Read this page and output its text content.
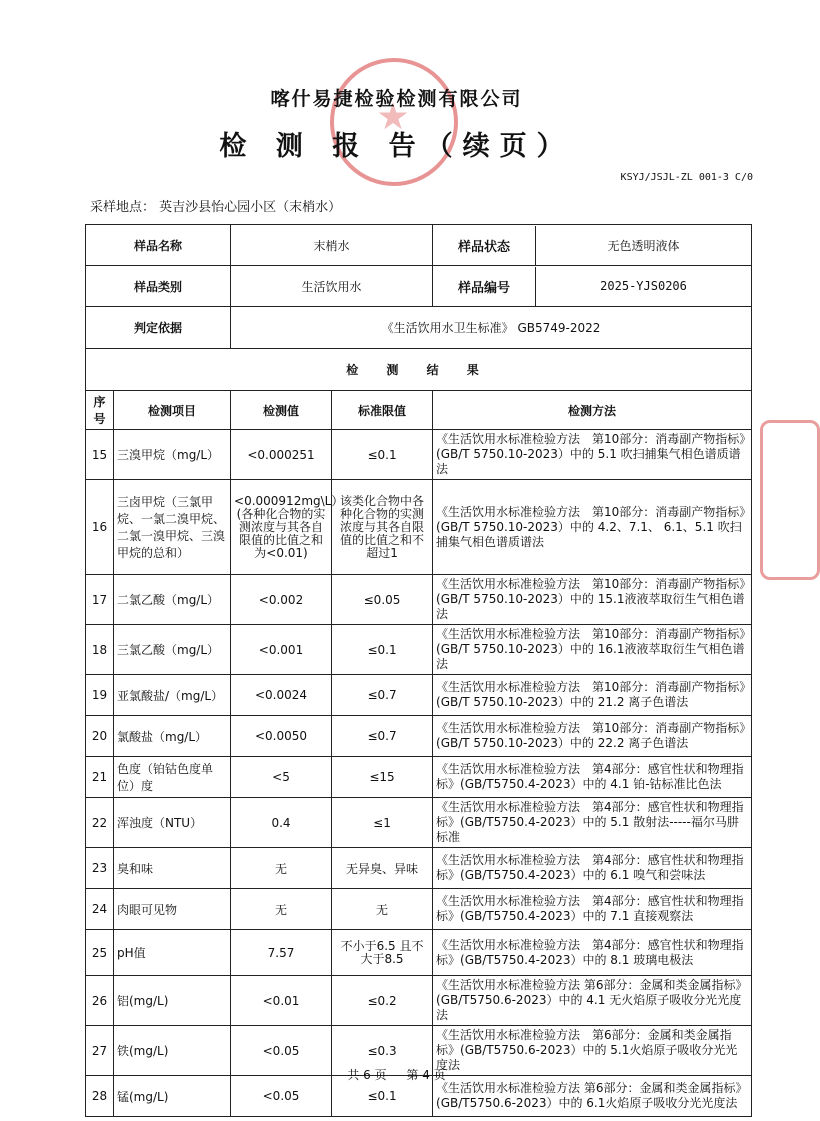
喀什易捷检验检测有限公司
检 测 报 告（续页）
KSYJ/JSJL-ZL 001-3 C/0
采样地点： 英吉沙县怡心园小区（末梢水）
样品名称		末梢水		样品状态 无色透明液体

样品类别		生活饮用水		样品编号 2025-YJS0206

判定依据		《生活饮用水卫生标准》 GB5749-2022		
检 测 结 果				
序号	检测项目	检测值	标准限值	检测方法
15	三溴甲烷（mg/L）	<0.000251	≤0.1	《生活饮用水标准检验方法　第10部分：消毒副产物指标》(GB/T 5750.10-2023）中的 5.1 吹扫捕集气相色谱质谱法
16	三卤甲烷（三氯甲烷、一氯二溴甲烷、二氯一溴甲烷、三溴甲烷的总和）	<0.000912mg\L）(各种化合物的实测浓度与其各自限值的比值之和为<0.01)	该类化合物中各种化合物的实测浓度与其各自限值的比值之和不超过1	《生活饮用水标准检验方法　第10部分：消毒副产物指标》(GB/T 5750.10-2023）中的 4.2、7.1、 6.1、5.1 吹扫捕集气相色谱质谱法
17	二氯乙酸（mg/L）	<0.002	≤0.05	《生活饮用水标准检验方法　第10部分：消毒副产物指标》(GB/T 5750.10-2023）中的 15.1液液萃取衍生气相色谱法
18	三氯乙酸（mg/L）	<0.001	≤0.1	《生活饮用水标准检验方法　第10部分：消毒副产物指标》(GB/T 5750.10-2023）中的 16.1液液萃取衍生气相色谱法
19	亚氯酸盐/（mg/L）	<0.0024	≤0.7	《生活饮用水标准检验方法　第10部分：消毒副产物指标》(GB/T 5750.10-2023）中的 21.2 离子色谱法
20	氯酸盐（mg/L）	<0.0050	≤0.7	《生活饮用水标准检验方法　第10部分：消毒副产物指标》(GB/T 5750.10-2023）中的 22.2 离子色谱法
21	色度（铂钴色度单位）度	<5	≤15	《生活饮用水标准检验方法　第4部分：感官性状和物理指标》(GB/T5750.4-2023）中的 4.1 铂-钴标准比色法
22	浑浊度（NTU）	0.4	≤1	《生活饮用水标准检验方法　第4部分：感官性状和物理指标》(GB/T5750.4-2023）中的 5.1 散射法-----福尔马肼标准
23	臭和味	无	无异臭、异味	《生活饮用水标准检验方法　第4部分：感官性状和物理指标》(GB/T5750.4-2023）中的 6.1 嗅气和尝味法
24	肉眼可见物	无	无	《生活饮用水标准检验方法　第4部分：感官性状和物理指标》(GB/T5750.4-2023）中的 7.1 直接观察法
25	pH值	7.57	不小于6.5 且不大于8.5	《生活饮用水标准检验方法　第4部分：感官性状和物理指标》(GB/T5750.4-2023）中的 8.1 玻璃电极法
26	铝(mg/L)	<0.01	≤0.2	《生活饮用水标准检验方法 第6部分：金属和类金属指标》(GB/T5750.6-2023）中的 4.1 无火焰原子吸收分光光度法
27	铁(mg/L)	<0.05	≤0.3	《生活饮用水标准检验方法　第6部分：金属和类金属指标》(GB/T5750.6-2023）中的 5.1火焰原子吸收分光光度法
28	锰(mg/L)	<0.05	≤0.1	《生活饮用水标准检验方法 第6部分：金属和类金属指标》(GB/T5750.6-2023）中的 6.1火焰原子吸收分光光度法
共 6 页 第 4 页
